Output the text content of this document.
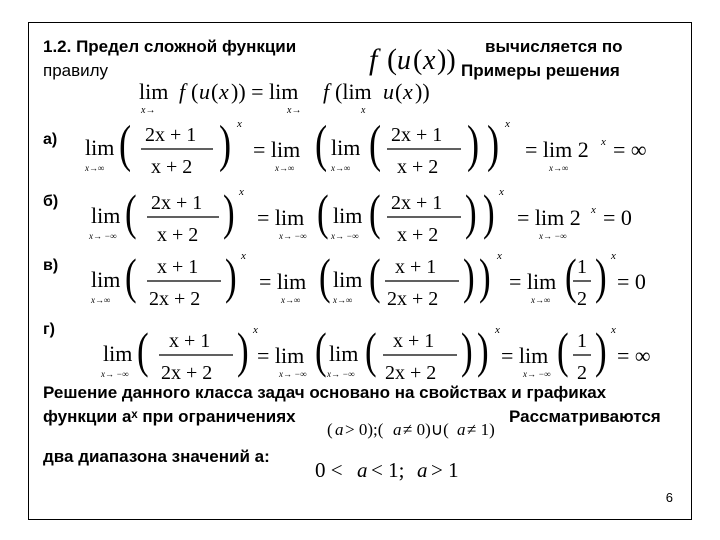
1.2. Предел сложной функции	вычисляется по
правилу	Примеры решения
f ( u ( x ))
lim
x→
f ( u ( x )) = lim
x→
f (lim
x
u ( x ))
а) lim
x→∞ ( 2x + 1
x + 2 ) x
= lim
x→∞ ( lim
x→∞ ( 2x + 1
x + 2 ) ) x
= lim 2
x→∞
x = ∞
б)
lim
x→ −∞ ( 2x + 1
x + 2 ) x
= lim
x→ −∞ ( lim
x→ −∞ ( 2x + 1
x + 2 ) ) x
= lim 2
x→ −∞
x = 0
в)
lim
x→∞ ( x + 1
2x + 2 ) x
= lim
x→∞ ( lim
x→∞ ( x + 1
2x + 2 ) ) x
= lim
x→∞ ( 1
2 ) x
= 0
г)
lim
x→ −∞ ( x + 1
2x + 2 ) x
= lim
x→ −∞ ( lim
x→ −∞ ( x + 1
2x + 2 ) ) x
= lim
x→ −∞ ( 1
2 ) x
= ∞
Решение данного класса задач основано на свойствах и графиках
функции aˣ при ограничениях	Рассматриваются
( a > 0);( a ≠ 0)∪( a ≠ 1)
два диапазона значений a:
0 < a < 1; a > 1
6
